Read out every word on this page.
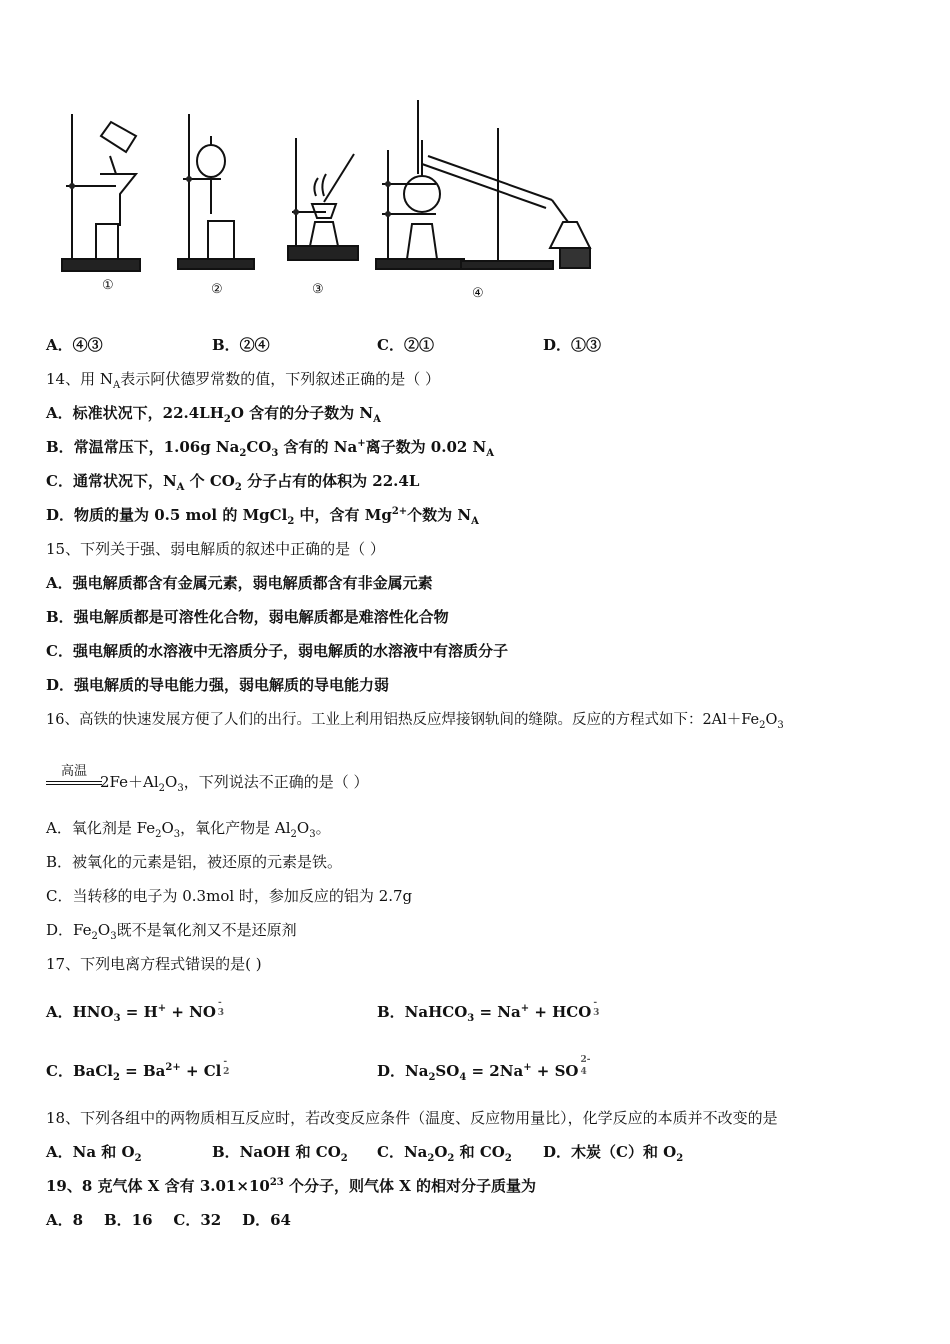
①	②	③	④
A．④③	B．②④	C．②①	D．①③
14、用 $N_A$表示阿伏德罗常数的值，下列叙述正确的是（ ）
A．标准状况下，$22.4LH_2O$ 含有的分子数为 $N_A$
B．常温常压下，1.06g $Na_2CO_3$ 含有的 Na+离子数为 0.02 $N_A$
C．通常状况下，$N_A$ 个 $CO_2$ 分子占有的体积为 22.4L
D．物质的量为 0.5 mol 的 MgCl$_2$ 中，含有 $Mg^{2+}$个数为 $N_A$
15、下列关于强、弱电解质的叙述中正确的是（ ）
A．强电解质都含有金属元素，弱电解质都含有非金属元素
B．强电解质都是可溶性化合物，弱电解质都是难溶性化合物
C．强电解质的水溶液中无溶质分子，弱电解质的水溶液中有溶质分子
D．强电解质的导电能力强，弱电解质的导电能力弱
16、高铁的快速发展方便了人们的出行。工业上利用铝热反应焊接钢轨间的缝隙。反应的方程式如下：$2Al+Fe_2O_3$
高温
$2Fe+Al_2O_3$，下列说法不正确的是（ ）
A．氧化剂是 $Fe_2O_3$，氧化产物是 $Al_2O_3$。
B．被氧化的元素是铝，被还原的元素是铁。
C．当转移的电子为 0.3mol 时，参加反应的铝为 2.7g
D．$Fe_2O_3$既不是氧化剂又不是还原剂
17、下列电离方程式错误的是( )
A．$HNO_3 = H^+$ + NO -3	B．NaHCO$_3$ = Na+ + HCO -3
C．BaCl$_2$ = $Ba^{2+} + Cl$ -2	D．$Na_2SO_4 = 2Na^+ + SO^{2-}4$
18、下列各组中的两物质相互反应时，若改变反应条件（温度、反应物用量比），化学反应的本质并不改变的是
A．Na 和 $O_2$	B．NaOH 和 $CO_2$ C．$Na_2O_2$ 和 $CO_2$ D．木炭（C）和 $O_2$
19、8 克气体 X 含有 $3.01\times 10^{23}$ 个分子，则气体 X 的相对分子质量为
A．8    B．16    C．32    D．64
